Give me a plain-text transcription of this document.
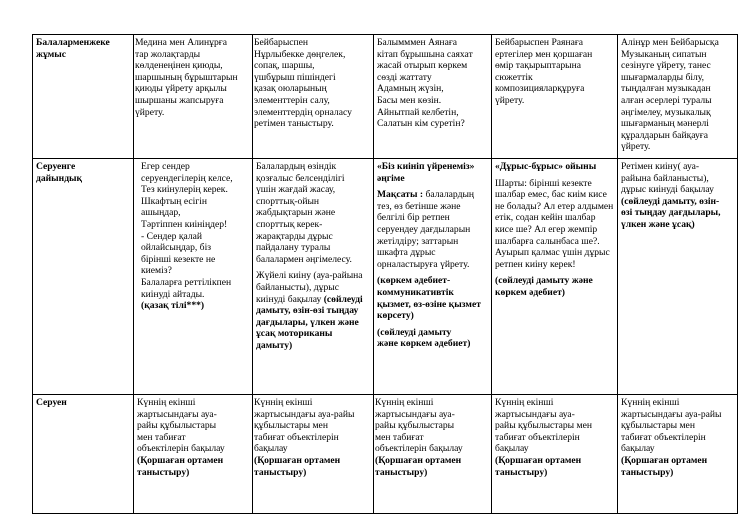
Балаларменжеке
жұмыс
Медина мен Алинұрға
тар жолақтарды
көлденеңінен қиюды,
шаршының бұрыштарын
қиюды үйрету арқылы
шыршаны жапсыруға
үйрету.
Бейбарыспен
Нұрлыбекке дөңгелек,
сопақ, шаршы,
үшбұрыш пішіндегі
қазақ оюларының
элементтерін салу,
элементтердің орналасу
ретімен таныстыру.
Балымммен Аянаға
кітап бұрышына саяхат
жасай отырып көркем
сөзді жаттату
Адамның жүзін,
Басы мен көзін.
Айнытпай келбетін,
Салатын кім суретін?
Бейбарыспен Раянаға
ертегілер мен қоршаған
өмір тақырыптарына
сюжеттік
композицияларқұруға
үйрету.
Алінұр мен Бейбарысқа
Музыканың сипатын
сезінуге үйрету, танес
шығармаларды білу,
тыңдалған музыкадан
алған әсерлері туралы
әңгімелеу, музыкалық
шығарманың мәнерлі
құралдарын байқауға
үйрету.
Серуенге
дайындық
Егер сендер
серуендегілерің келсе,
Тез киінулерің керек.
Шкафтың есігін
ашыңдар,
Тәртіппен киініңдер!
- Сендер қалай
ойлайсыңдар, біз
бірінші кезекте не
киеміз?
Балаларға реттілікпен
киінуді айтады.
(қазақ тілі***)
Балалардың өзіндік
қозғалыс белсенділігі
үшін жағдай жасау,
спорттық-ойын
жабдықтарын және
спорттық керек-
жарақтарды дұрыс
пайдалану туралы
балалармен әңгімелесу.
Жүйелі киіну (ауа-райына
байланысты), дұрыс
киінуді бақылау (сөйлеуді
дамыту, өзін-өзі тыңдау
дағдылары, үлкен және
ұсақ моториканы
дамыту)
«Біз киініп үйренеміз»
әңгіме
Мақсаты : балалардың
тез, өз бетінше және
белгілі бір ретпен
серуендеу дағдыларын
жетілдіру; заттарын
шкафта дұрыс
орналастыруға үйрету.
(көркем әдебиет-
коммуникативтік
қызмет, өз-өзіне қызмет
көрсету)
(сөйлеуді дамыту
және көркем әдебиет)
«Дұрыс-бұрыс» ойыны
Шарты: бірінші кезекте
шалбар емес, бас киім кисе
не болады? Ал етер алдымен
етік, содан кейін шалбар
кисе ше? Ал егер жемпір
шалбарға салынбаса ше?.
Ауырып қалмас үшін дұрыс
ретпен киіну керек!
(сөйлеуді дамыту және
көркем әдебиет)
Ретімен киіну( ауа-
райына байланысты),
дұрыс киінуді бақылау
(сөйлеуді дамыту, өзін-
өзі тыңдау дағдылары,
үлкен және ұсақ)
Серуен	Күннің екінші
жартысындағы ауа-
райы құбылыстары
мен табиғат
объектілерін бақылау
(Қоршаған ортамен
таныстыру)
Күннің екінші
жартысындағы ауа-райы
құбылыстары мен
табиғат объектілерін
бақылау
(Қоршаған ортамен
таныстыру)
Күннің екінші
жартысындағы ауа-
райы құбылыстары
мен табиғат
объектілерін бақылау
(Қоршаған ортамен
таныстыру)
Күннің екінші
жартысындағы ауа-
райы құбылыстары мен
табиғат объектілерін
бақылау
(Қоршаған ортамен
таныстыру)
Күннің екінші
жартысындағы ауа-райы
құбылыстары мен
табиғат объектілерін
бақылау
(Қоршаған ортамен
таныстыру)
